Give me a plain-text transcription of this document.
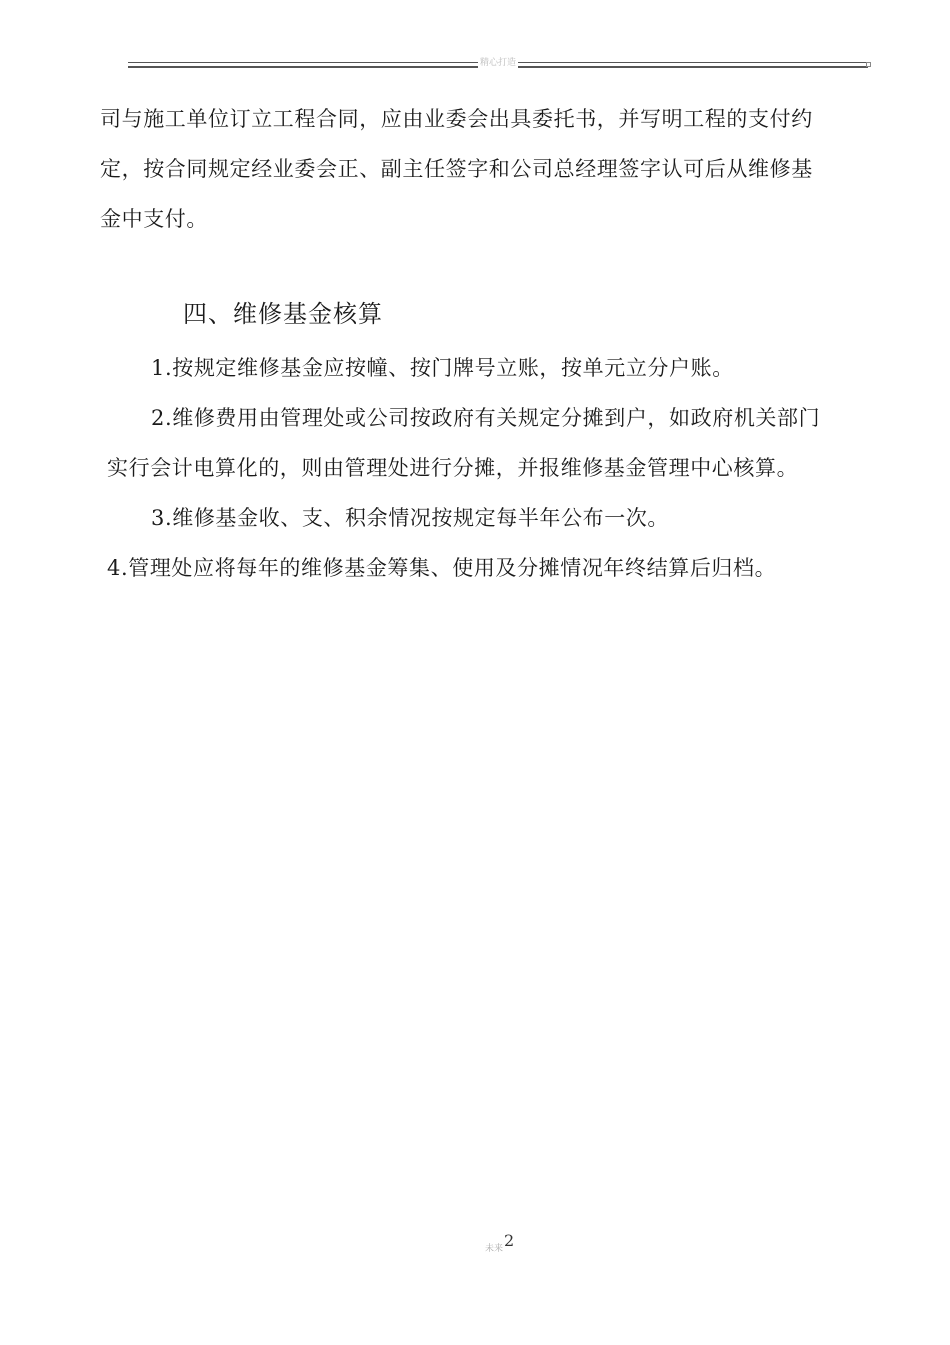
精心打造
司与施工单位订立工程合同，应由业委会出具委托书，并写明工程的支付约
定，按合同规定经业委会正、副主任签字和公司总经理签字认可后从维修基
金中支付。
四、维修基金核算
1.按规定维修基金应按幢、按门牌号立账，按单元立分户账。
2.维修费用由管理处或公司按政府有关规定分摊到户，如政府机关部门
实行会计电算化的，则由管理处进行分摊，并报维修基金管理中心核算。
3.维修基金收、支、积余情况按规定每半年公布一次。
4.管理处应将每年的维修基金筹集、使用及分摊情况年终结算后归档。
未来 2
